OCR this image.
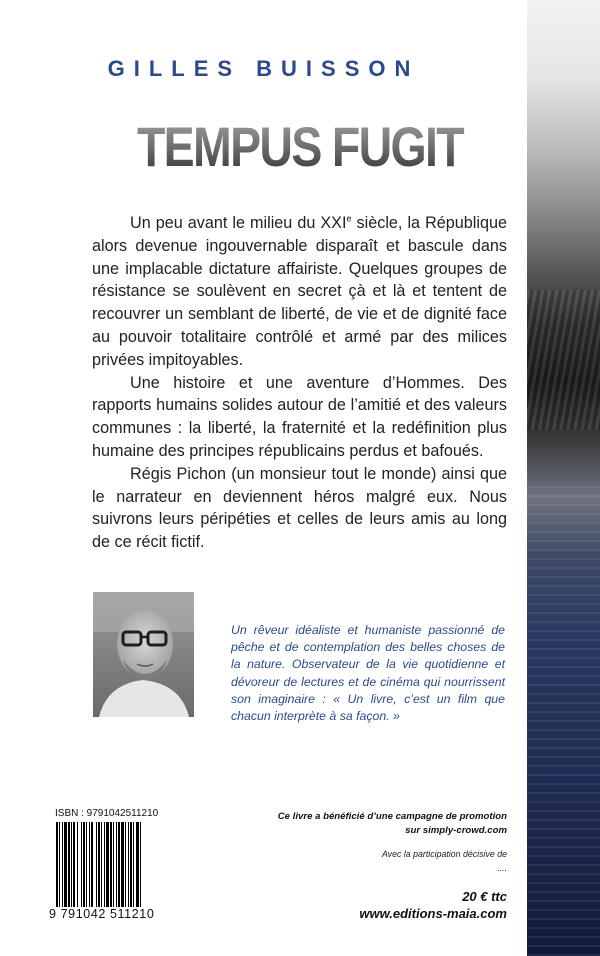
GILLES BUISSON
TEMPUS FUGIT

Un peu avant le milieu du XXIe siècle, la République alors devenue ingouvernable disparaît et bascule dans une implacable dictature affairiste. Quelques groupes de résistance se soulèvent en secret çà et là et tentent de recouvrer un semblant de liberté, de vie et de dignité face au pouvoir totalitaire contrôlé et armé par des milices privées impitoyables.

Une histoire et une aventure d’Hommes. Des rapports humains solides autour de l’amitié et des valeurs communes : la liberté, la fraternité et la redéfinition plus humaine des principes républicains perdus et bafoués.

Régis Pichon (un monsieur tout le monde) ainsi que le narrateur en deviennent héros malgré eux. Nous suivrons leurs péripéties et celles de leurs amis au long de ce récit fictif.

Un rêveur idéaliste et humaniste passionné de pêche et de contemplation des belles choses de la nature. Observateur de la vie quotidienne et dévoreur de lectures et de cinéma qui nourrissent son imaginaire : « Un livre, c’est un film que chacun interprète à sa façon. »
ISBN : 9791042511210
9 791042 511210
Ce livre a bénéficié d’une campagne de promotion
sur simply-crowd.com
Avec la participation décisive de
....
20 € ttc
www.editions-maia.com
